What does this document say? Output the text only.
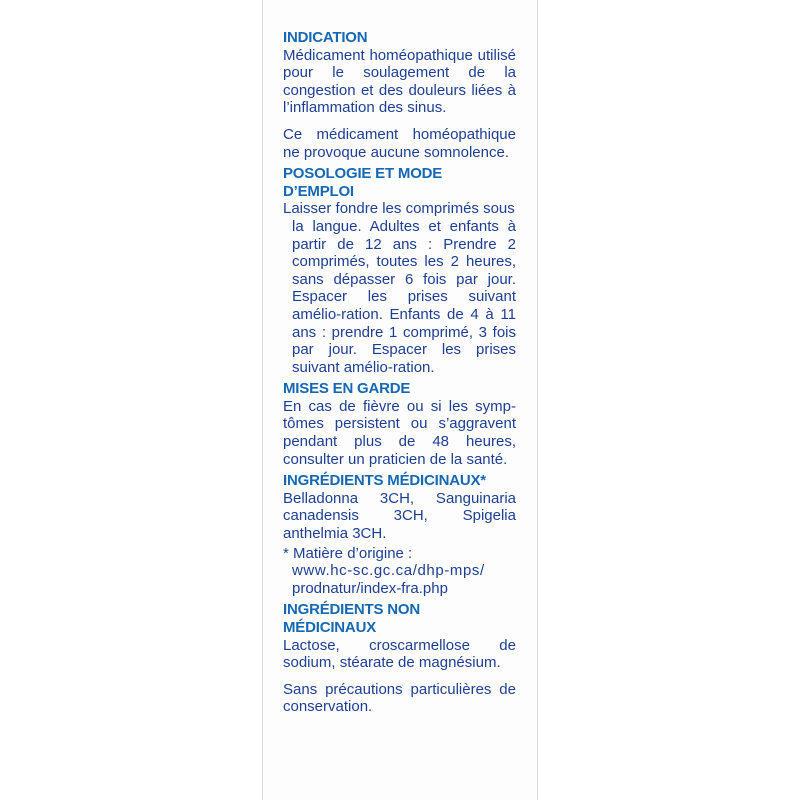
INDICATION

Médicament homéopathique utilisé pour le soulagement de la congestion et des douleurs liées à l’inflammation des sinus.

Ce médicament homéopathique ne provoque aucune somnolence.

POSOLOGIE ET MODE D’EMPLOI

Laisser fondre les comprimés sous

la langue. Adultes et enfants à partir de 12 ans : Prendre 2 comprimés, toutes les 2 heures, sans dépasser 6 fois par jour. Espacer les prises suivant amélio-ration. Enfants de 4 à 11 ans : prendre 1 comprimé, 3 fois par jour. Espacer les prises suivant amélio-ration.

MISES EN GARDE

En cas de fièvre ou si les symp-tômes persistent ou s’aggravent pendant plus de 48 heures, consulter un praticien de la santé.

INGRÉDIENTS MÉDICINAUX*

Belladonna 3CH, Sanguinaria canadensis 3CH, Spigelia anthelmia 3CH.

* Matière d’origine :

www.hc-sc.gc.ca/dhp-mps/

prodnatur/index-fra.php

INGRÉDIENTS NON MÉDICINAUX

Lactose, croscarmellose de sodium, stéarate de magnésium.

Sans précautions particulières de conservation.
